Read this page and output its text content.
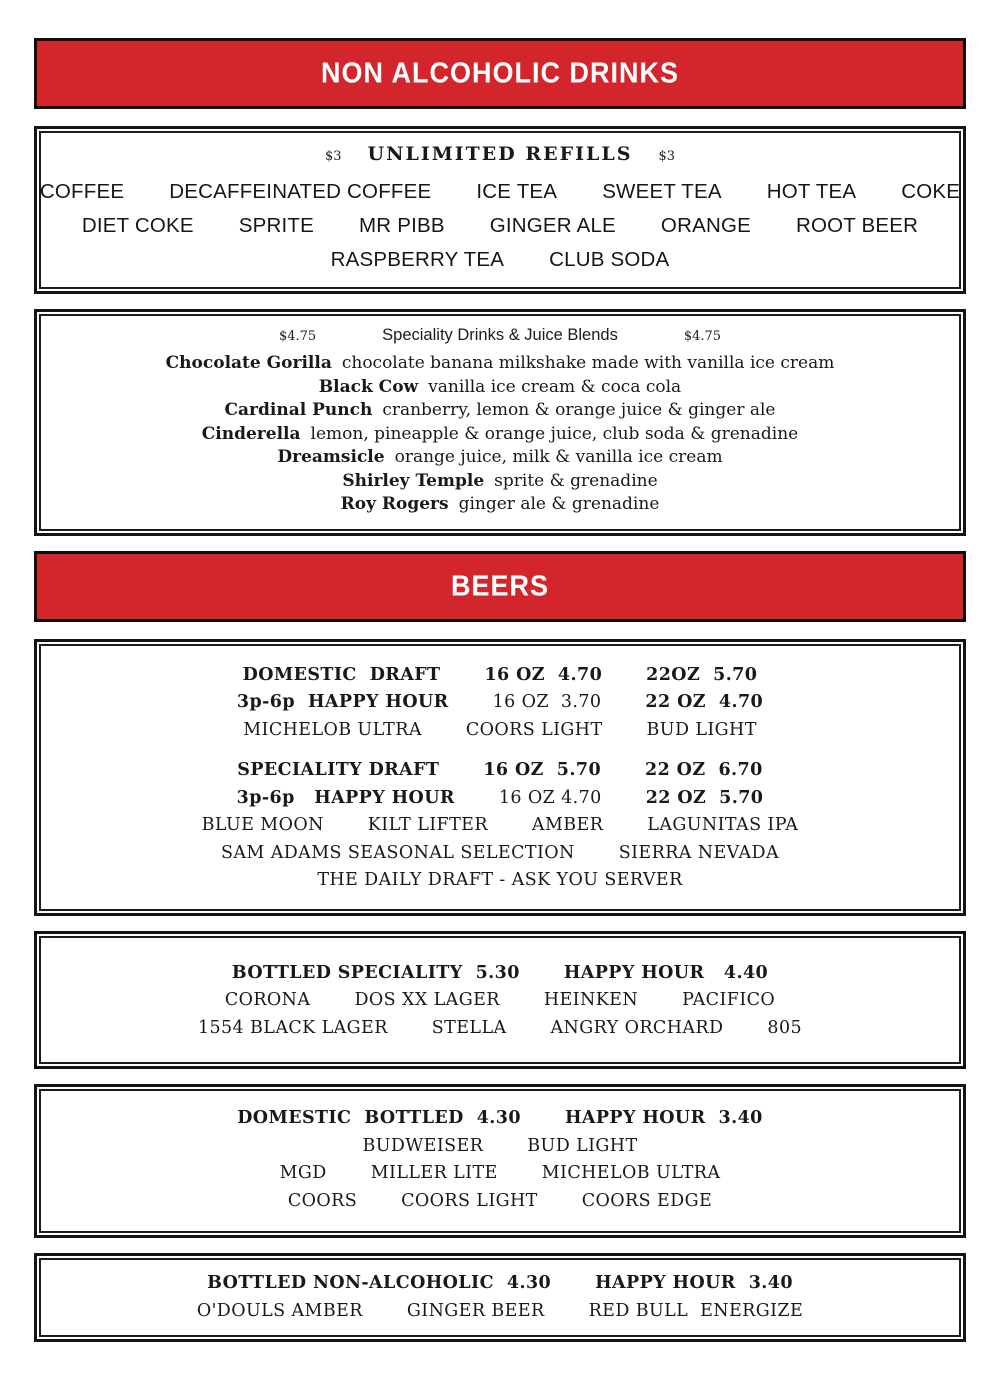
NON ALCOHOLIC DRINKS
$3 UNLIMITED REFILLS $3
COFFEE DECAFFEINATED COFFEE ICE TEA SWEET TEA HOT TEA COKE
DIET COKE SPRITE MR PIBB GINGER ALE ORANGE ROOT BEER
RASPBERRY TEA CLUB SODA
$4.75	Speciality Drinks & Juice Blends	$4.75
Chocolate Gorilla chocolate banana milkshake made with vanilla ice cream
Black Cow vanilla ice cream & coca cola
Cardinal Punch cranberry, lemon & orange juice & ginger ale
Cinderella lemon, pineapple & orange juice, club soda & grenadine
Dreamsicle orange juice, milk & vanilla ice cream
Shirley Temple sprite & grenadine
Roy Rogers ginger ale & grenadine
BEERS
DOMESTIC  DRAFT	16 OZ  4.70	22OZ  5.70
3p-6p  HAPPY HOUR	16 OZ  3.70	22 OZ  4.70
MICHELOB ULTRA	COORS LIGHT	BUD LIGHT
SPECIALITY DRAFT	16 OZ  5.70	22 OZ  6.70
3p-6p   HAPPY HOUR	16 OZ 4.70	22 OZ  5.70
BLUE MOON	KILT LIFTER	AMBER	LAGUNITAS IPA
SAM ADAMS SEASONAL SELECTION	SIERRA NEVADA
THE DAILY DRAFT - ASK YOU SERVER
BOTTLED SPECIALITY  5.30	HAPPY HOUR   4.40
CORONA	DOS XX LAGER	HEINKEN	PACIFICO
1554 BLACK LAGER	STELLA	ANGRY ORCHARD	805
DOMESTIC  BOTTLED  4.30	HAPPY HOUR  3.40
BUDWEISER	BUD LIGHT
MGD	MILLER LITE	MICHELOB ULTRA
COORS	COORS LIGHT	COORS EDGE
BOTTLED NON-ALCOHOLIC  4.30	HAPPY HOUR  3.40
O'DOULS AMBER	GINGER BEER	RED BULL  ENERGIZE
